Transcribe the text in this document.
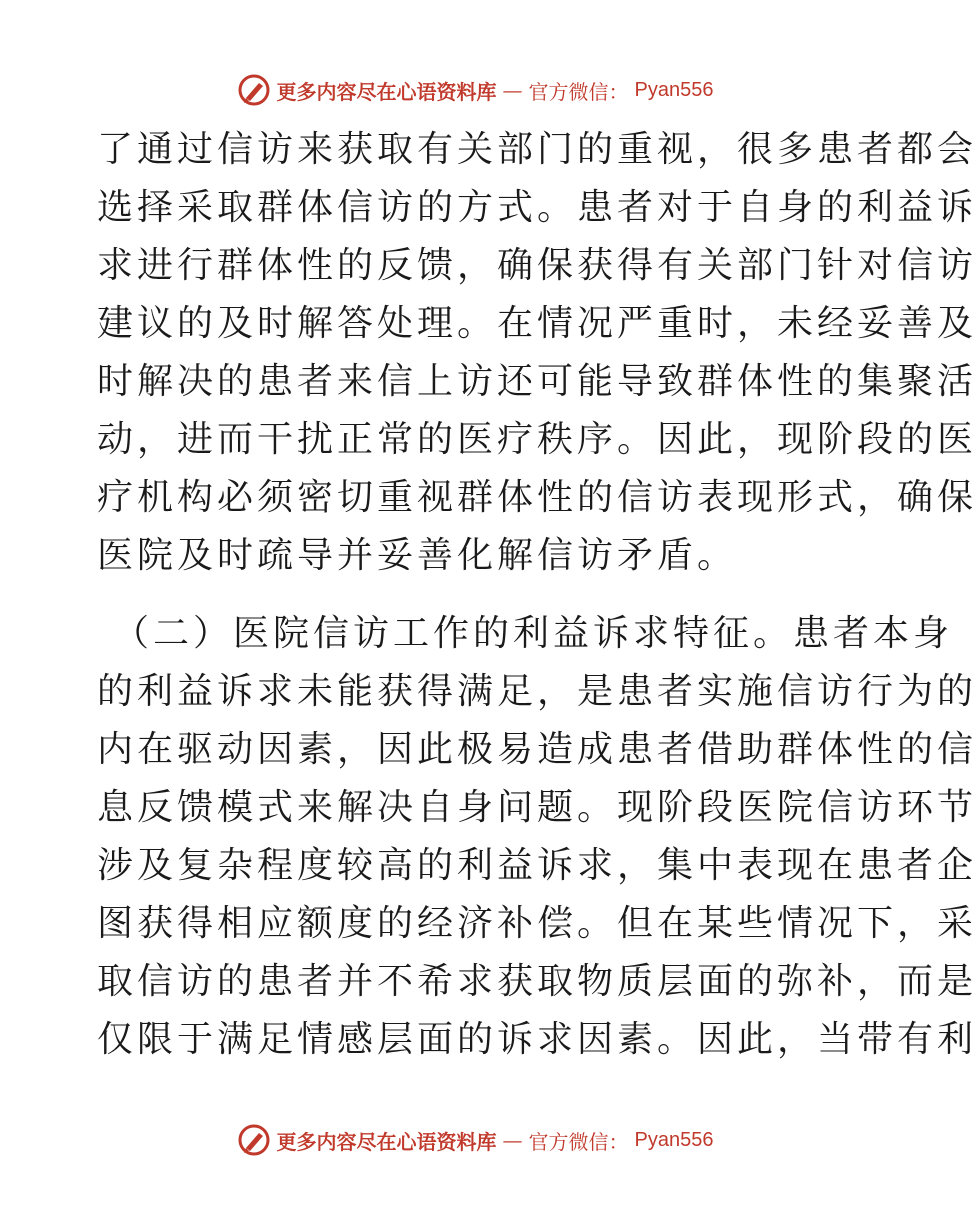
更多内容尽在心语资料库 — 官方微信： Pyan556
了通过信访来获取有关部门的重视，很多患者都会
选择采取群体信访的方式。患者对于自身的利益诉
求进行群体性的反馈，确保获得有关部门针对信访
建议的及时解答处理。在情况严重时，未经妥善及
时解决的患者来信上访还可能导致群体性的集聚活
动，进而干扰正常的医疗秩序。因此，现阶段的医
疗机构必须密切重视群体性的信访表现形式，确保
医院及时疏导并妥善化解信访矛盾。
（二）医院信访工作的利益诉求特征。患者本身
的利益诉求未能获得满足，是患者实施信访行为的
内在驱动因素，因此极易造成患者借助群体性的信
息反馈模式来解决自身问题。现阶段医院信访环节
涉及复杂程度较高的利益诉求，集中表现在患者企
图获得相应额度的经济补偿。但在某些情况下，采
取信访的患者并不希求获取物质层面的弥补，而是
仅限于满足情感层面的诉求因素。因此，当带有利
更多内容尽在心语资料库 — 官方微信： Pyan556
